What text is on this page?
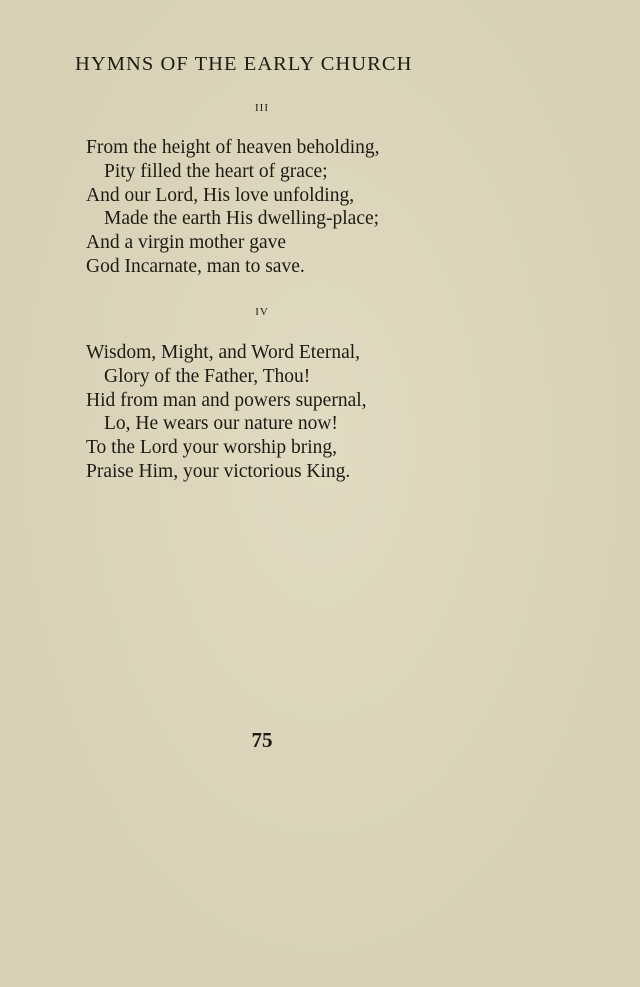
HYMNS OF THE EARLY CHURCH
iii
From the height of heaven beholding,
Pity filled the heart of grace;
And our Lord, His love unfolding,
Made the earth His dwelling-place;
And a virgin mother gave
God Incarnate, man to save.
iv
Wisdom, Might, and Word Eternal,
Glory of the Father, Thou!
Hid from man and powers supernal,
Lo, He wears our nature now!
To the Lord your worship bring,
Praise Him, your victorious King.
75
